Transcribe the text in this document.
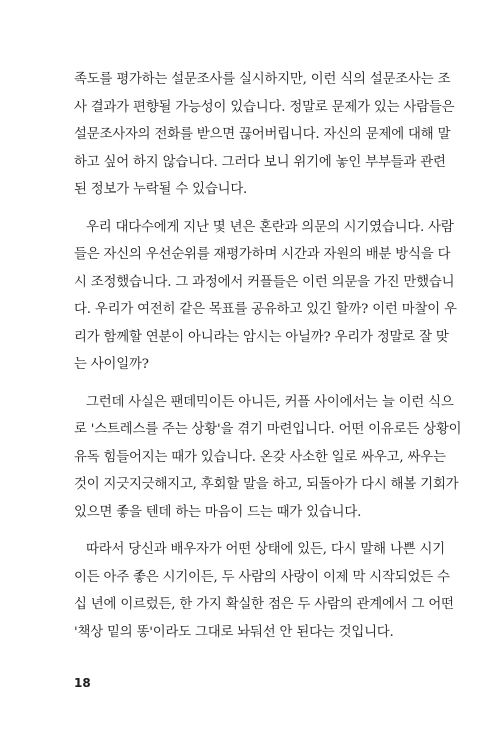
족도를 평가하는 설문조사를 실시하지만, 이런 식의 설문조사는 조
사 결과가 편향될 가능성이 있습니다. 정말로 문제가 있는 사람들은
설문조사자의 전화를 받으면 끊어버립니다. 자신의 문제에 대해 말
하고 싶어 하지 않습니다. 그러다 보니 위기에 놓인 부부들과 관련
된 정보가 누락될 수 있습니다.
우리 대다수에게 지난 몇 년은 혼란과 의문의 시기였습니다. 사람
들은 자신의 우선순위를 재평가하며 시간과 자원의 배분 방식을 다
시 조정했습니다. 그 과정에서 커플들은 이런 의문을 가진 만했습니
다. 우리가 여전히 같은 목표를 공유하고 있긴 할까? 이런 마찰이 우
리가 함께할 연분이 아니라는 암시는 아닐까? 우리가 정말로 잘 맞
는 사이일까?
그런데 사실은 팬데믹이든 아니든, 커플 사이에서는 늘 이런 식으
로 '스트레스를 주는 상황'을 겪기 마련입니다. 어떤 이유로든 상황이
유독 힘들어지는 때가 있습니다. 온갖 사소한 일로 싸우고, 싸우는
것이 지긋지긋해지고, 후회할 말을 하고, 되돌아가 다시 해볼 기회가
있으면 좋을 텐데 하는 마음이 드는 때가 있습니다.
따라서 당신과 배우자가 어떤 상태에 있든, 다시 말해 나쁜 시기
이든 아주 좋은 시기이든, 두 사람의 사랑이 이제 막 시작되었든 수
십 년에 이르렀든, 한 가지 확실한 점은 두 사람의 관계에서 그 어떤
'책상 밑의 똥'이라도 그대로 놔둬선 안 된다는 것입니다.
18
